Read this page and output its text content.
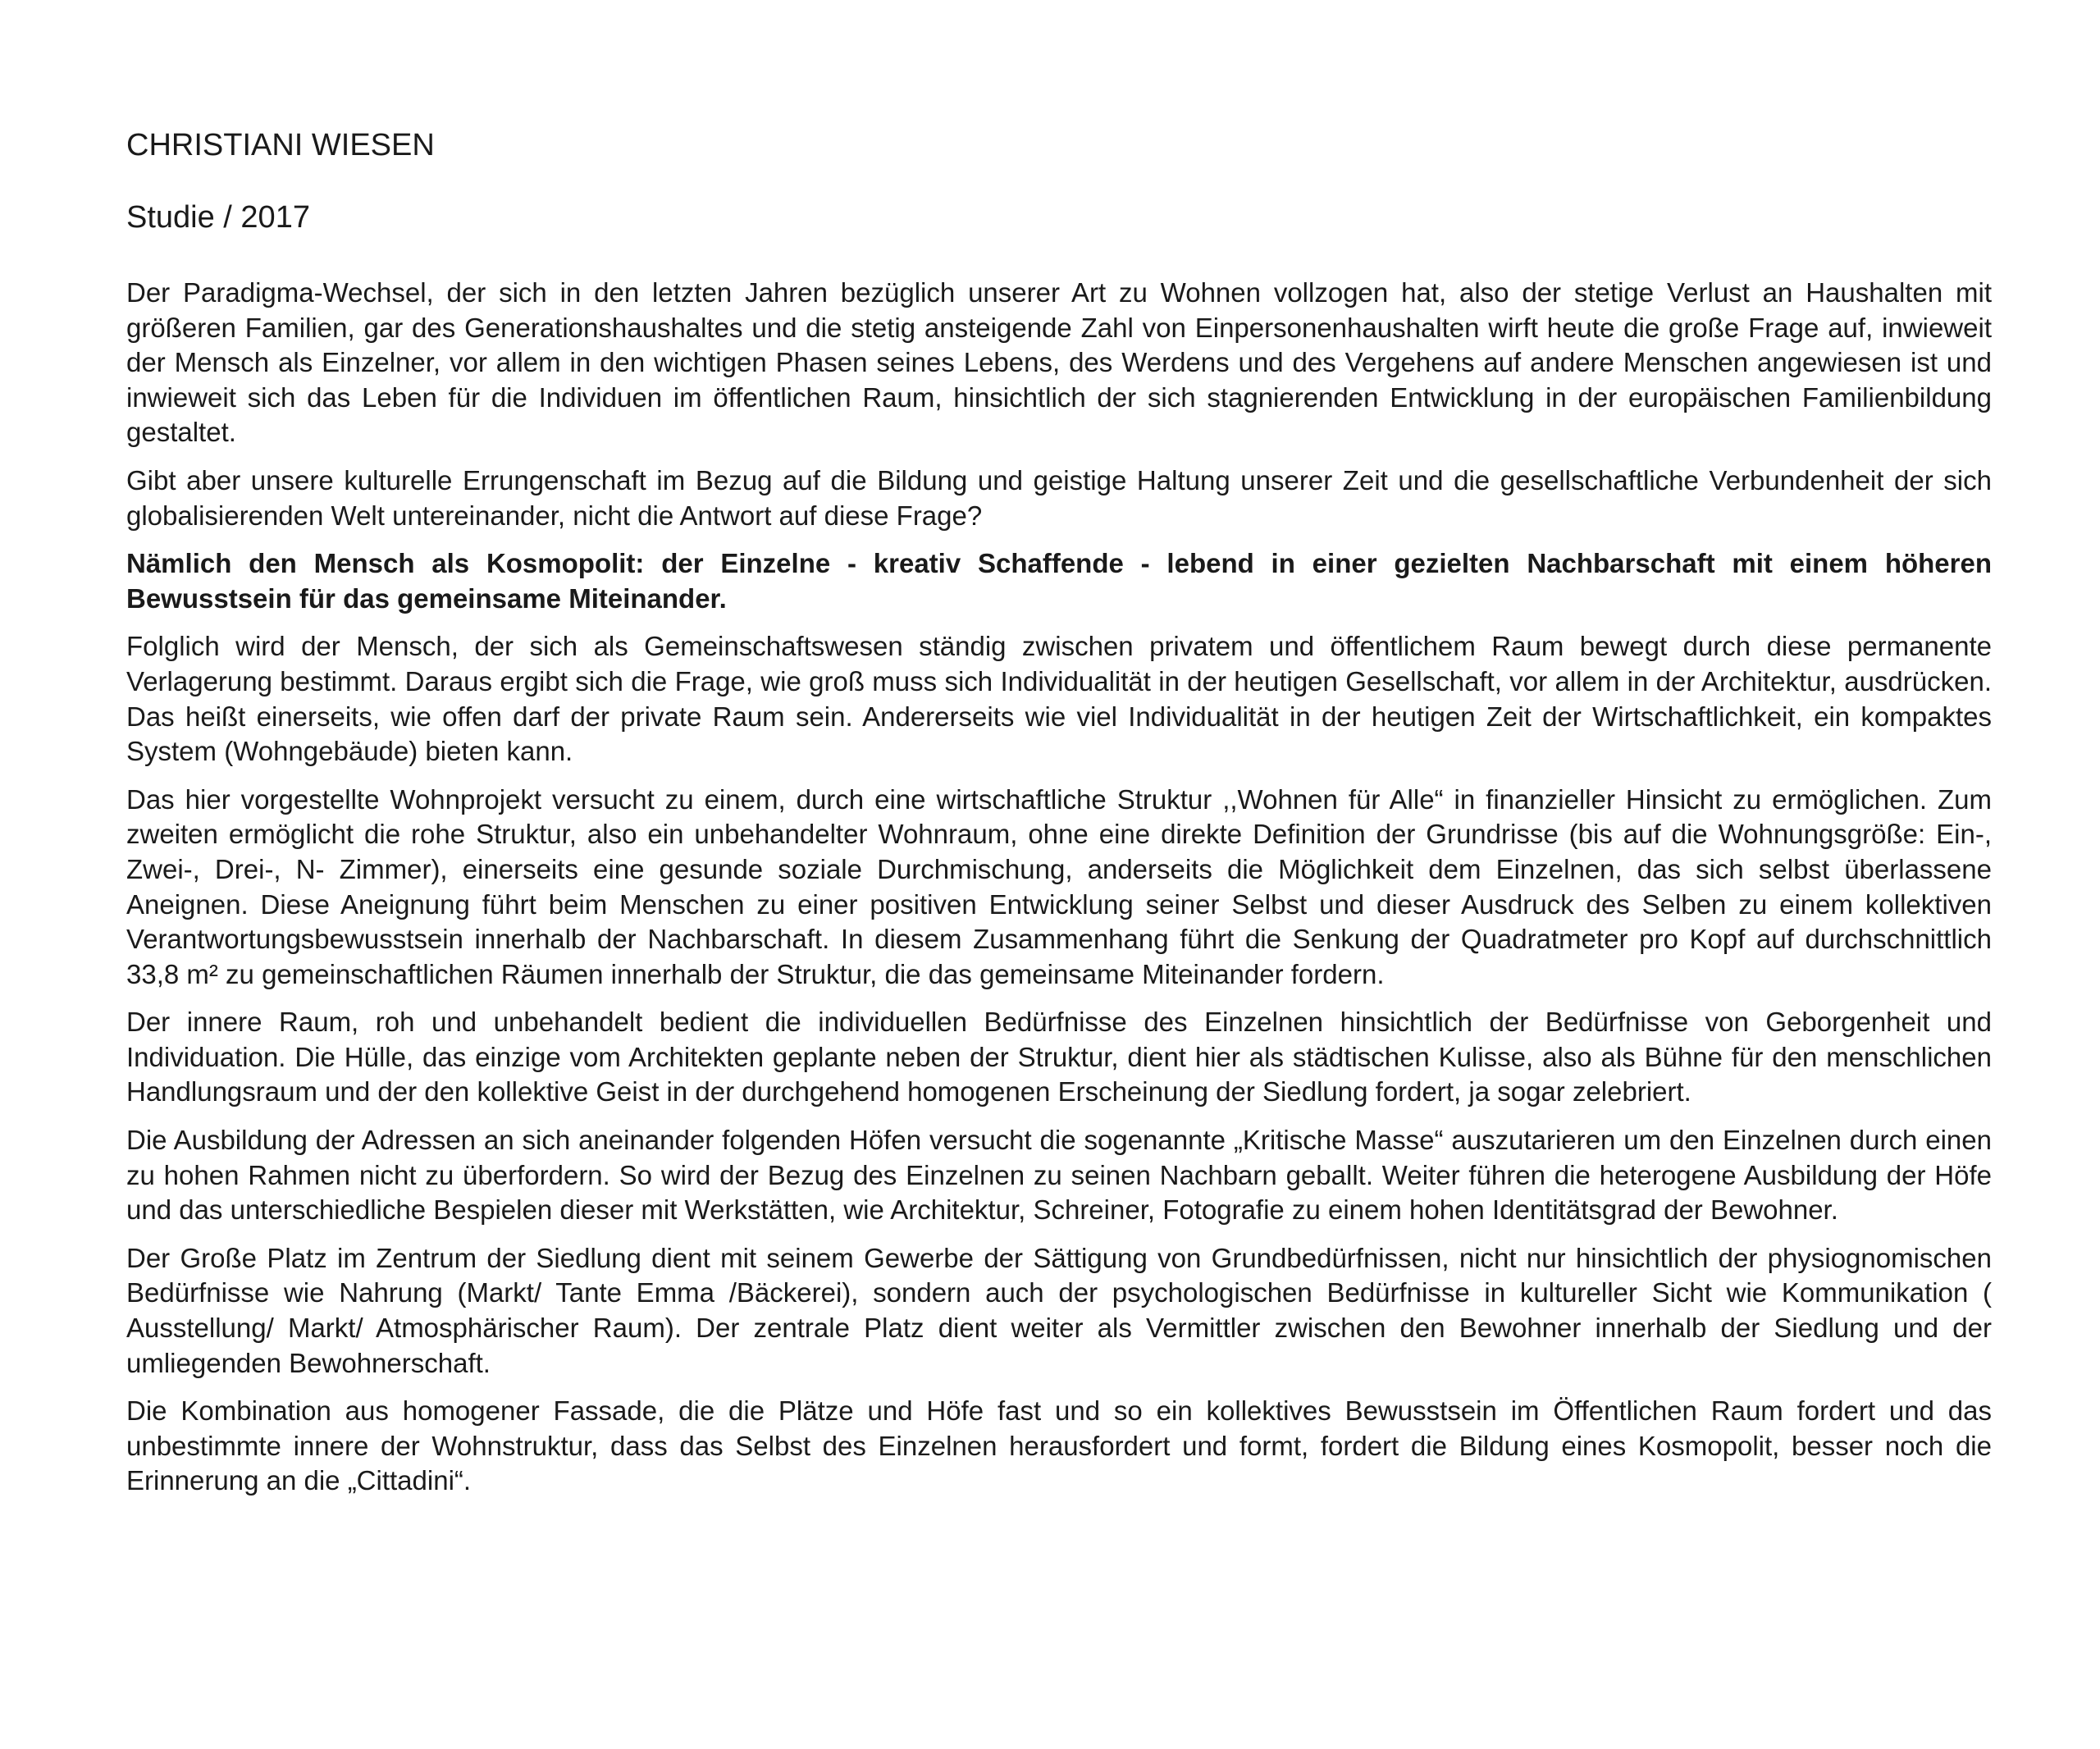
CHRISTIANI WIESEN
Studie / 2017

Der Paradigma-Wechsel, der sich in den letzten Jahren bezüglich unserer Art zu Wohnen vollzogen hat, also der stetige Verlust an Haushalten mit größeren Familien, gar des Generationshaushaltes und die stetig ansteigende Zahl von Einpersonenhaushalten wirft heute die große Frage auf, inwieweit der Mensch als Einzelner, vor allem in den wichtigen Phasen seines Lebens, des Werdens und des Vergehens auf andere Menschen angewiesen ist und inwieweit sich das Leben für die Individuen im öffentlichen Raum, hinsichtlich der sich stagnierenden Entwicklung in der europäischen Familienbildung gestaltet.

Gibt aber unsere kulturelle Errungenschaft im Bezug auf die Bildung und geistige Haltung unserer Zeit und die gesellschaftliche Verbundenheit der sich globalisierenden Welt untereinander, nicht die Antwort auf diese Frage?

Nämlich den Mensch als Kosmopolit: der Einzelne - kreativ Schaffende - lebend in einer gezielten Nachbarschaft mit einem höheren Bewusstsein für das gemeinsame Miteinander.

Folglich wird der Mensch, der sich als Gemeinschaftswesen ständig zwischen privatem und öffentlichem Raum bewegt durch diese permanente Verlagerung bestimmt. Daraus ergibt sich die Frage, wie groß muss sich Individualität in der heutigen Gesellschaft, vor allem in der Architektur, ausdrücken. Das heißt einerseits, wie offen darf der private Raum sein. Andererseits wie viel Individualität in der heutigen Zeit der Wirtschaftlichkeit, ein kompaktes System (Wohngebäude) bieten kann.

Das hier vorgestellte Wohnprojekt versucht zu einem, durch eine wirtschaftliche Struktur ,,Wohnen für Alle“ in finanzieller Hinsicht zu ermöglichen. Zum zweiten ermöglicht die rohe Struktur, also ein unbehandelter Wohnraum, ohne eine direkte Definition der Grundrisse (bis auf die Wohnungsgröße: Ein-, Zwei-, Drei-, N- Zimmer), einerseits eine gesunde soziale Durchmischung, anderseits die Möglichkeit dem Einzelnen, das sich selbst überlassene Aneignen. Diese Aneignung führt beim Menschen zu einer positiven Entwicklung seiner Selbst und dieser Ausdruck des Selben zu einem kollektiven Verantwortungsbewusstsein innerhalb der Nachbarschaft. In diesem Zusammenhang führt die Senkung der Quadratmeter pro Kopf auf durchschnittlich 33,8 m² zu gemeinschaftlichen Räumen innerhalb der Struktur, die das gemeinsame Miteinander fordern.

Der innere Raum, roh und unbehandelt bedient die individuellen Bedürfnisse des Einzelnen hinsichtlich der Bedürfnisse von Geborgenheit und Individuation. Die Hülle, das einzige vom Architekten geplante neben der Struktur, dient hier als städtischen Kulisse, also als Bühne für den menschlichen Handlungsraum und der den kollektive Geist in der durchgehend homogenen Erscheinung der Siedlung fordert, ja sogar zelebriert.

Die Ausbildung der Adressen an sich aneinander folgenden Höfen versucht die sogenannte „Kritische Masse“ auszutarieren um den Einzelnen durch einen zu hohen Rahmen nicht zu überfordern. So wird der Bezug des Einzelnen zu seinen Nachbarn geballt. Weiter führen die heterogene Ausbildung der Höfe und das unterschiedliche Bespielen dieser mit Werkstätten, wie Architektur, Schreiner, Fotografie zu einem hohen Identitätsgrad der Bewohner.

Der Große Platz im Zentrum der Siedlung dient mit seinem Gewerbe der Sättigung von Grundbedürfnissen, nicht nur hinsichtlich der physiognomischen Bedürfnisse wie Nahrung (Markt/ Tante Emma /Bäckerei), sondern auch der psychologischen Bedürfnisse in kultureller Sicht wie Kommunikation ( Ausstellung/ Markt/ Atmosphärischer Raum). Der zentrale Platz dient weiter als Vermittler zwischen den Bewohner innerhalb der Siedlung und der umliegenden Bewohnerschaft.

Die Kombination aus homogener Fassade, die die Plätze und Höfe fast und so ein kollektives Bewusstsein im Öffentlichen Raum fordert und das unbestimmte innere der Wohnstruktur, dass das Selbst des Einzelnen herausfordert und formt, fordert die Bildung eines Kosmopolit, besser noch die Erinnerung an die „Cittadini“.
